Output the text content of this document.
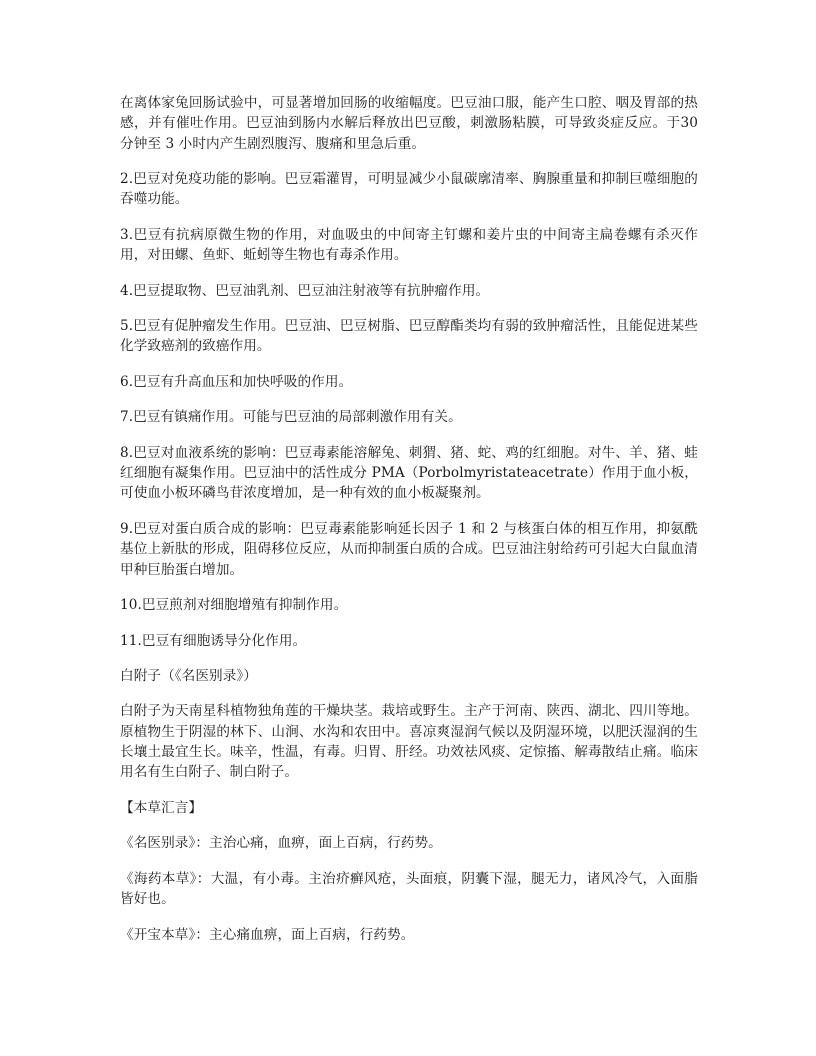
在离体家兔回肠试验中，可显著增加回肠的收缩幅度。巴豆油口服，能产生口腔、咽及胃部的热感，并有催吐作用。巴豆油到肠内水解后释放出巴豆酸，刺激肠粘膜，可导致炎症反应。于30 分钟至 3 小时内产生剧烈腹泻、腹痛和里急后重。

2.巴豆对免疫功能的影响。巴豆霜灌胃，可明显减少小鼠碳廓清率、胸腺重量和抑制巨噬细胞的吞噬功能。

3.巴豆有抗病原微生物的作用，对血吸虫的中间寄主钉螺和姜片虫的中间寄主扁卷螺有杀灭作用，对田螺、鱼虾、蚯蚓等生物也有毒杀作用。

4.巴豆提取物、巴豆油乳剂、巴豆油注射液等有抗肿瘤作用。

5.巴豆有促肿瘤发生作用。巴豆油、巴豆树脂、巴豆醇酯类均有弱的致肿瘤活性，且能促进某些化学致癌剂的致癌作用。

6.巴豆有升高血压和加快呼吸的作用。

7.巴豆有镇痛作用。可能与巴豆油的局部刺激作用有关。

8.巴豆对血液系统的影响：巴豆毒素能溶解兔、刺猬、猪、蛇、鸡的红细胞。对牛、羊、猪、蛙红细胞有凝集作用。巴豆油中的活性成分 PMA（Porbolmyristateacetrate）作用于血小板，可使血小板环磷鸟苷浓度增加，是一种有效的血小板凝聚剂。

9.巴豆对蛋白质合成的影响：巴豆毒素能影响延长因子 1 和 2 与核蛋白体的相互作用，抑氨酰基位上新肽的形成，阻碍移位反应，从而抑制蛋白质的合成。巴豆油注射给药可引起大白鼠血清甲种巨胎蛋白增加。

10.巴豆煎剂对细胞增殖有抑制作用。

11.巴豆有细胞诱导分化作用。

白附子（《名医别录》）

白附子为天南星科植物独角莲的干燥块茎。栽培或野生。主产于河南、陕西、湖北、四川等地。原植物生于阴湿的林下、山涧、水沟和农田中。喜凉爽湿润气候以及阴湿环境，以肥沃湿润的生长壤土最宜生长。味辛，性温，有毒。归胃、肝经。功效祛风痰、定惊搐、解毒散结止痛。临床用名有生白附子、制白附子。

【本草汇言】

《名医别录》：主治心痛，血痹，面上百病，行药势。

《海药本草》：大温，有小毒。主治疥癣风疮，头面痕，阴囊下湿，腿无力，诸风冷气，入面脂皆好也。

《开宝本草》：主心痛血痹，面上百病，行药势。
